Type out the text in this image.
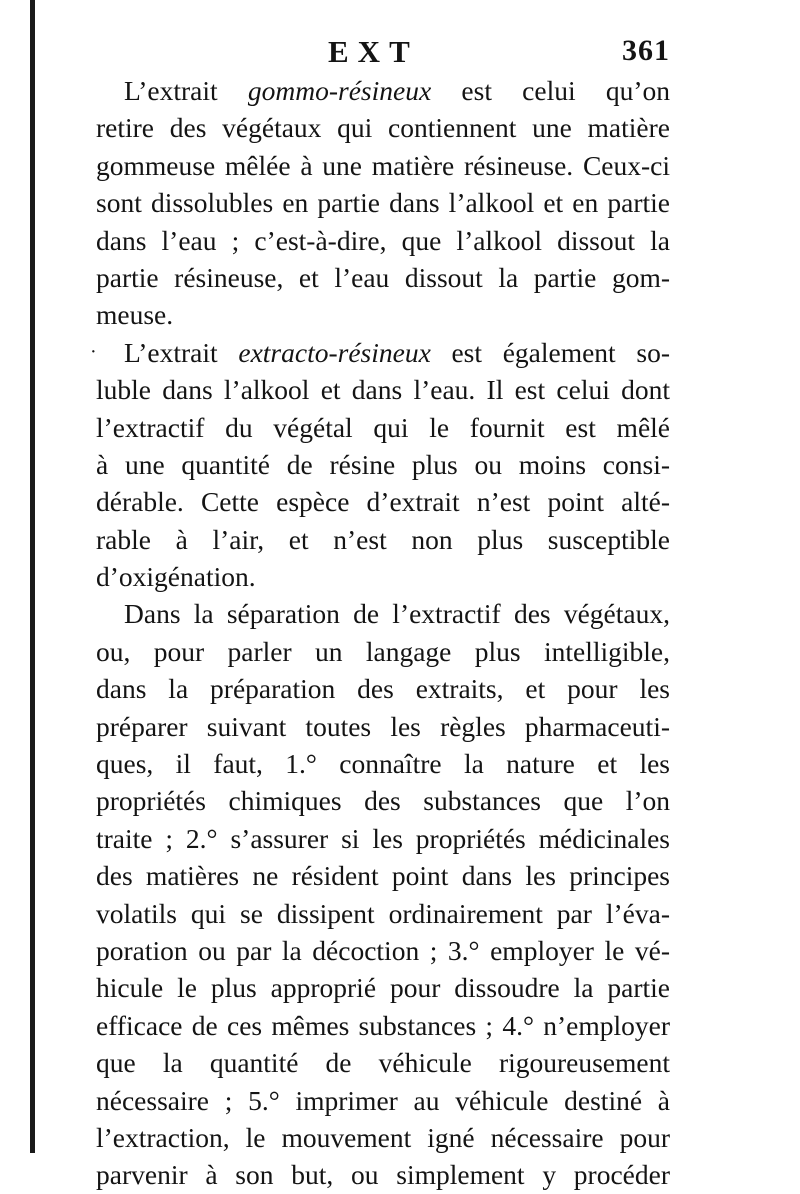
EXT	361
L’extrait gommo-résineux est celui qu’on
retire des végétaux qui contiennent une matière
gommeuse mêlée à une matière résineuse. Ceux-ci
sont dissolubles en partie dans l’alkool et en partie
dans l’eau ; c’est-à-dire, que l’alkool dissout la
partie résineuse, et l’eau dissout la partie gom-
meuse.
· L’extrait extracto-résineux est également so-
luble dans l’alkool et dans l’eau. Il est celui dont
l’extractif du végétal qui le fournit est mêlé
à une quantité de résine plus ou moins consi-
dérable. Cette espèce d’extrait n’est point alté-
rable à l’air, et n’est non plus susceptible
d’oxigénation.
Dans la séparation de l’extractif des végétaux,
ou, pour parler un langage plus intelligible,
dans la préparation des extraits, et pour les
préparer suivant toutes les règles pharmaceuti-
ques, il faut, 1.° connaître la nature et les
propriétés chimiques des substances que l’on
traite ; 2.° s’assurer si les propriétés médicinales
des matières ne résident point dans les principes
volatils qui se dissipent ordinairement par l’éva-
poration ou par la décoction ; 3.° employer le vé-
hicule le plus approprié pour dissoudre la partie
efficace de ces mêmes substances ; 4.° n’employer
que la quantité de véhicule rigoureusement
nécessaire ; 5.° imprimer au véhicule destiné à
l’extraction, le mouvement igné nécessaire pour
parvenir à son but, ou simplement y procéder
